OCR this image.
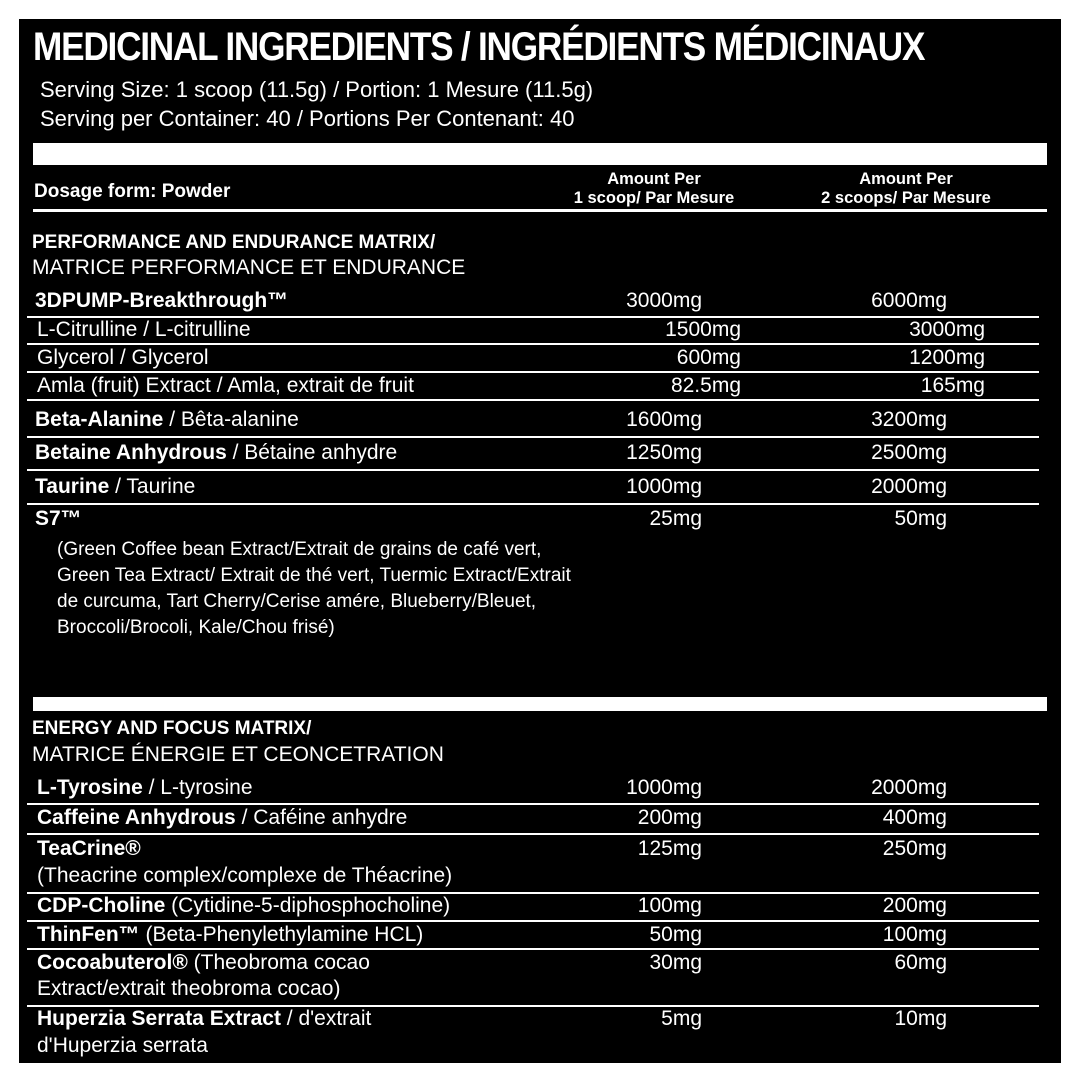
MEDICINAL INGREDIENTS / INGRÉDIENTS MÉDICINAUX
Serving Size: 1 scoop (11.5g) / Portion: 1 Mesure (11.5g)
Serving per Container: 40 / Portions Per Contenant: 40
Dosage form: Powder
Amount Per
1 scoop/ Par Mesure
Amount Per
2 scoops/ Par Mesure
PERFORMANCE AND ENDURANCE MATRIX/
MATRICE PERFORMANCE ET ENDURANCE
3DPUMP-Breakthrough™	3000mg	6000mg
L-Citrulline / L-citrulline	1500mg	3000mg
Glycerol / Glycerol	600mg	1200mg
Amla (fruit) Extract / Amla, extrait de fruit	82.5mg	165mg
Beta-Alanine / Bêta-alanine	1600mg	3200mg
Betaine Anhydrous / Bétaine anhydre	1250mg	2500mg
Taurine / Taurine	1000mg	2000mg
S7™	25mg	50mg
(Green Coffee bean Extract/Extrait de grains de café vert, Green Tea Extract/ Extrait de thé vert, Tuermic Extract/Extrait de curcuma, Tart Cherry/Cerise amére, Blueberry/Bleuet, Broccoli/Brocoli, Kale/Chou frisé)
ENERGY AND FOCUS MATRIX/
MATRICE ÉNERGIE ET CEONCETRATION
L-Tyrosine / L-tyrosine	1000mg	2000mg
Caffeine Anhydrous / Caféine anhydre	200mg	400mg
TeaCrine®
(Theacrine complex/complexe de Théacrine)
125mg	250mg
CDP-Choline (Cytidine-5-diphosphocholine)	100mg	200mg
ThinFen™ (Beta-Phenylethylamine HCL)	50mg	100mg
Cocoabuterol® (Theobroma cocao
Extract/extrait theobroma cocao)
30mg	60mg
Huperzia Serrata Extract / d'extrait
d'Huperzia serrata
5mg	10mg
